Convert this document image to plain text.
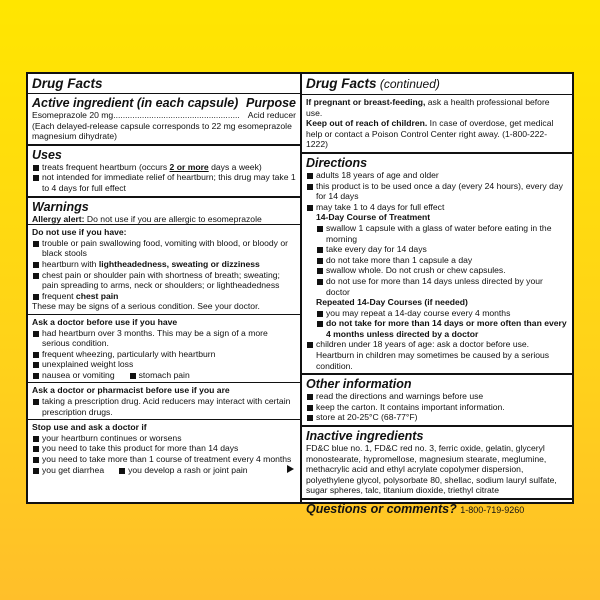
Drug Facts
Active ingredient (in each capsule) Purpose
Esomeprazole 20 mg..................................................... Acid reducer
(Each delayed-release capsule corresponds to 22 mg esomeprazole magnesium dihydrate)
Uses
treats frequent heartburn (occurs 2 or more days a week)
not intended for immediate relief of heartburn; this drug may take 1 to 4 days for full effect
Warnings
Allergy alert: Do not use if you are allergic to esomeprazole
Do not use if you have:
trouble or pain swallowing food, vomiting with blood, or bloody or black stools
heartburn with lightheadedness, sweating or dizziness
chest pain or shoulder pain with shortness of breath; sweating; pain spreading to arms, neck or shoulders; or lightheadedness
frequent chest pain
These may be signs of a serious condition. See your doctor.
Ask a doctor before use if you have
had heartburn over 3 months. This may be a sign of a more serious condition.
frequent wheezing, particularly with heartburn
unexplained weight loss
nausea or vomiting	stomach pain
Ask a doctor or pharmacist before use if you are
taking a prescription drug. Acid reducers may interact with certain prescription drugs.
Stop use and ask a doctor if
your heartburn continues or worsens
you need to take this product for more than 14 days
you need to take more than 1 course of treatment every 4 months
you get diarrhea	you develop a rash or joint pain
Drug Facts (continued)
If pregnant or breast-feeding, ask a health professional before use.
Keep out of reach of children. In case of overdose, get medical help or contact a Poison Control Center right away. (1-800-222-1222)
Directions
adults 18 years of age and older
this product is to be used once a day (every 24 hours), every day for 14 days
may take 1 to 4 days for full effect
14-Day Course of Treatment
swallow 1 capsule with a glass of water before eating in the morning
take every day for 14 days
do not take more than 1 capsule a day
swallow whole. Do not crush or chew capsules.
do not use for more than 14 days unless directed by your doctor
Repeated 14-Day Courses (if needed)
you may repeat a 14-day course every 4 months
do not take for more than 14 days or more often than every 4 months unless directed by a doctor
children under 18 years of age: ask a doctor before use. Heartburn in children may sometimes be caused by a serious condition.
Other information
read the directions and warnings before use
keep the carton. It contains important information.
store at 20-25°C (68-77°F)
Inactive ingredients
FD&C blue no. 1, FD&C red no. 3, ferric oxide, gelatin, glyceryl monostearate, hypromellose, magnesium stearate, meglumine, methacrylic acid and ethyl acrylate copolymer dispersion, polyethylene glycol, polysorbate 80, shellac, sodium lauryl sulfate, sugar spheres, talc, titanium dioxide, triethyl citrate
Questions or comments? 1-800-719-9260
